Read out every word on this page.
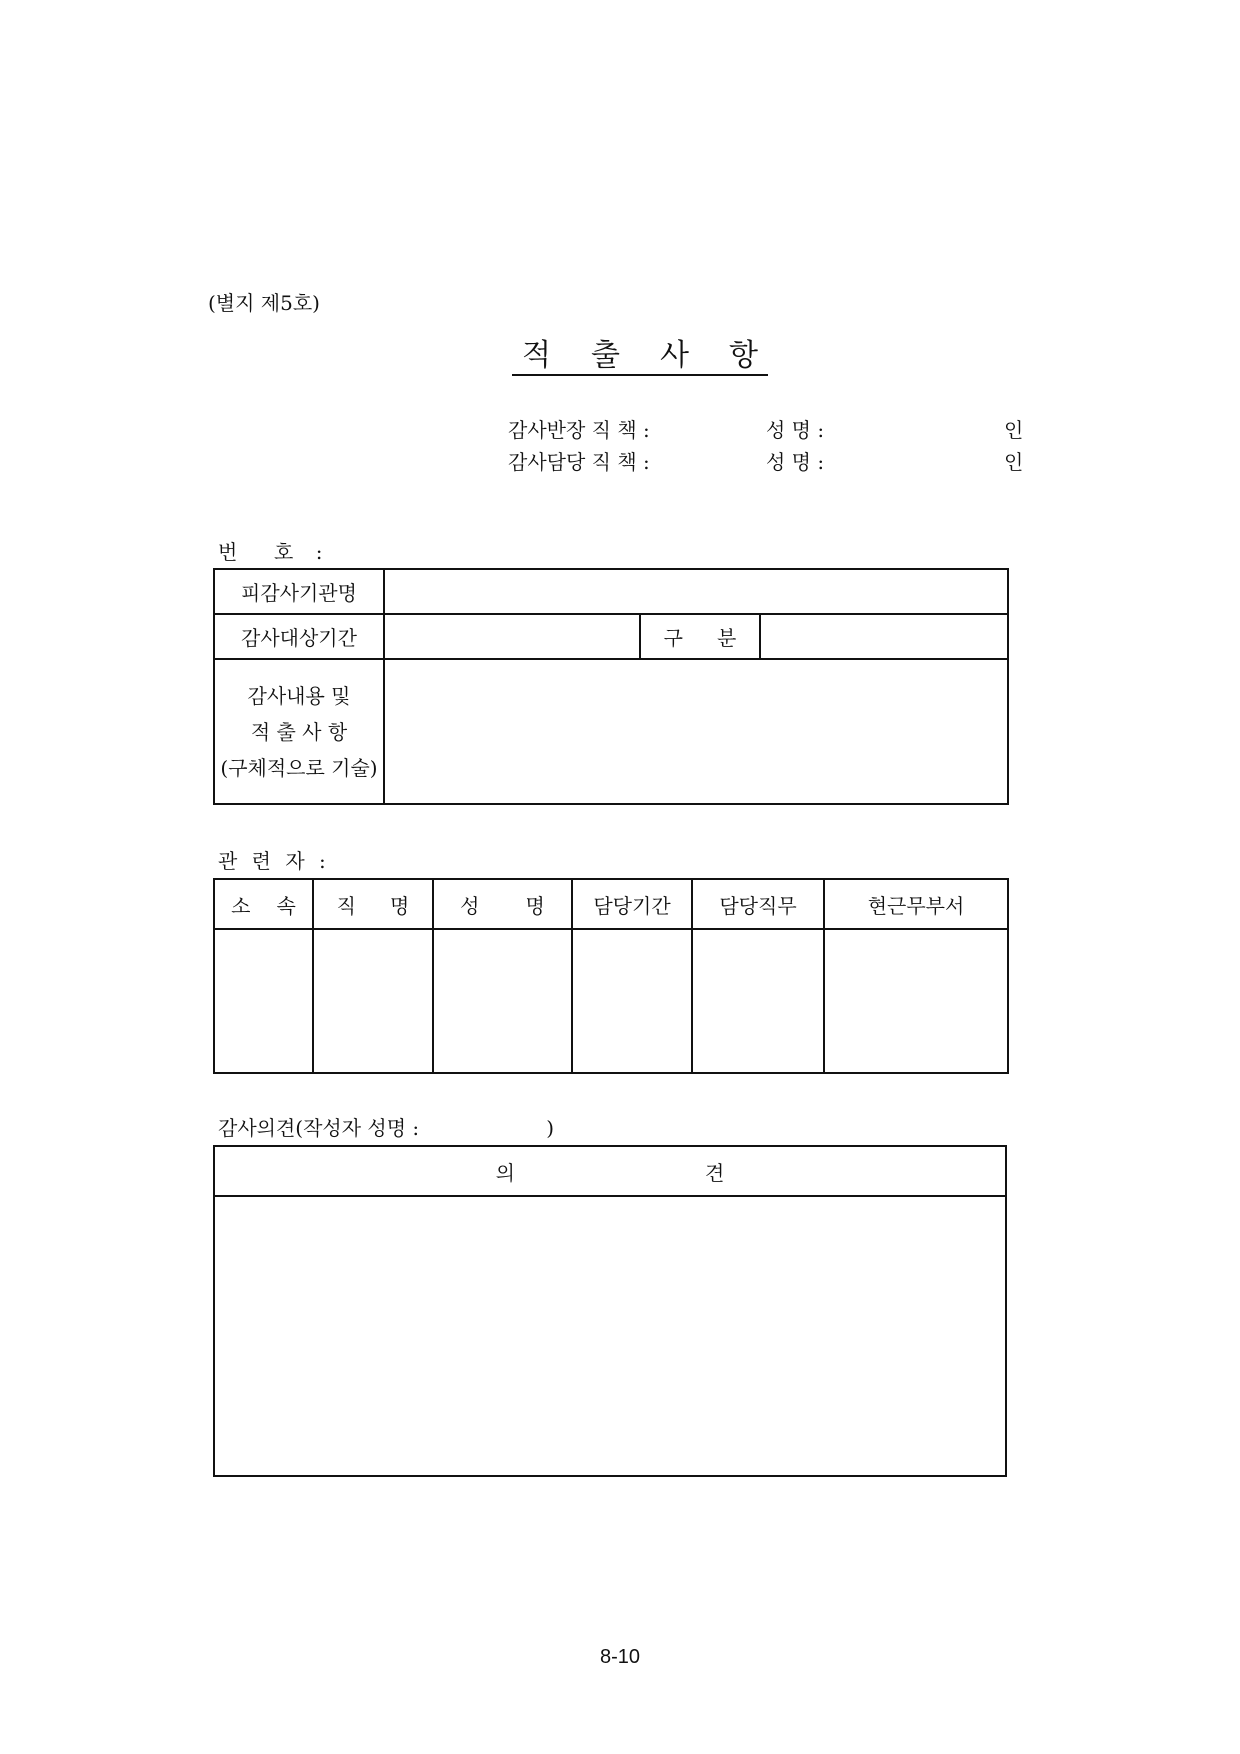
(별지 제5호)
적출사항
감사반장 직 책 :	성 명 :	인
감사담당 직 책 :	성 명 :	인
번  호 :
피감사기관명			
감사대상기간		구분	

감사내용 및
적 출 사 항
(구체적으로 기술)			

관 련 자 :
소속	직명	성명	담당기간	담당직무	현근무부서

감사의견(작성자 성명 :                    )
의견

8-10
